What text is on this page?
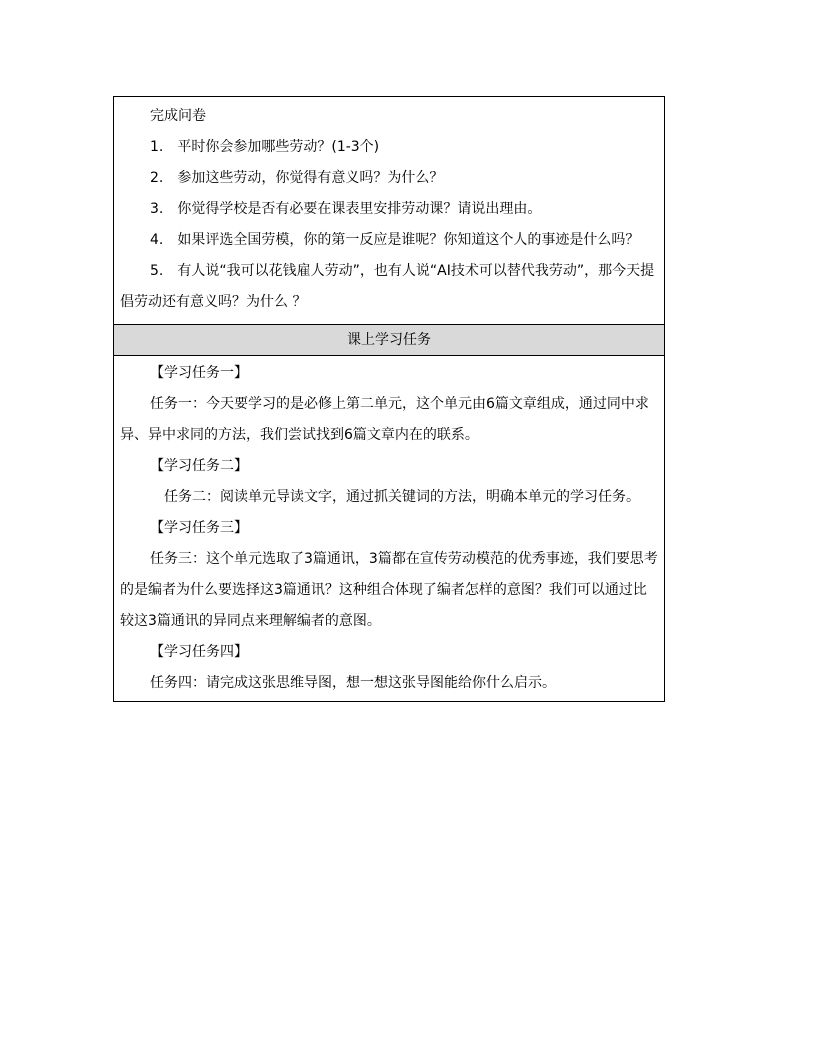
完成问卷

1. 平时你会参加哪些劳动？(1-3个)

2. 参加这些劳动，你觉得有意义吗？为什么？

3. 你觉得学校是否有必要在课表里安排劳动课？请说出理由。

4. 如果评选全国劳模，你的第一反应是谁呢？你知道这个人的事迹是什么吗？

5. 有人说“我可以花钱雇人劳动”，也有人说“AI技术可以替代我劳动”，那今天提倡劳动还有意义吗？为什么 ？

课上学习任务

【学习任务一】

任务一：今天要学习的是必修上第二单元，这个单元由6篇文章组成，通过同中求异、异中求同的方法，我们尝试找到6篇文章内在的联系。

【学习任务二】

任务二：阅读单元导读文字，通过抓关键词的方法，明确本单元的学习任务。

【学习任务三】

任务三：这个单元选取了3篇通讯，3篇都在宣传劳动模范的优秀事迹，我们要思考的是编者为什么要选择这3篇通讯？这种组合体现了编者怎样的意图？我们可以通过比较这3篇通讯的异同点来理解编者的意图。

【学习任务四】

任务四：请完成这张思维导图，想一想这张导图能给你什么启示。
